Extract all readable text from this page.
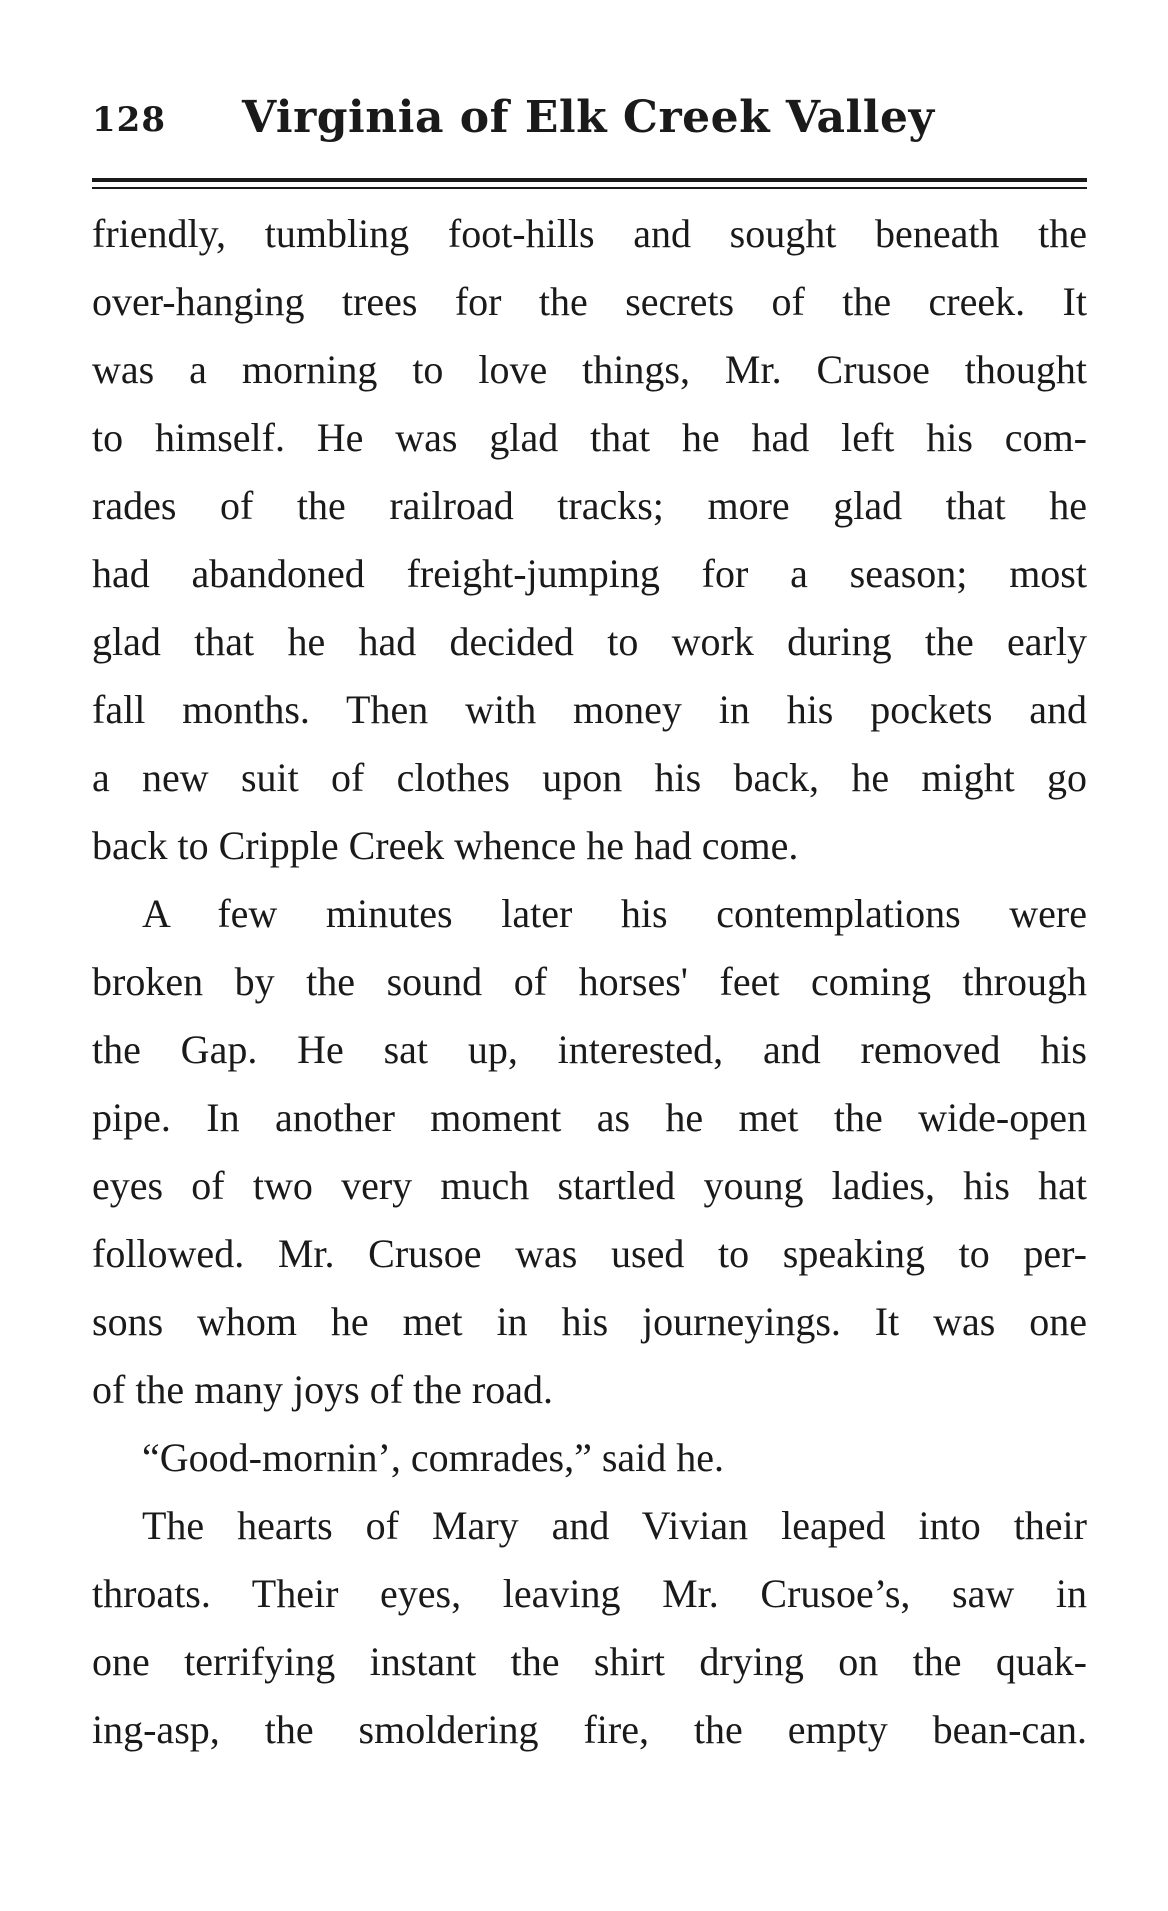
128 Virginia of Elk Creek Valley
friendly, tumbling foot-hills and sought beneath the
over-hanging trees for the secrets of the creek. It
was a morning to love things, Mr. Crusoe thought
to himself. He was glad that he had left his com-
rades of the railroad tracks; more glad that he
had abandoned freight-jumping for a season; most
glad that he had decided to work during the early
fall months. Then with money in his pockets and
a new suit of clothes upon his back, he might go
back to Cripple Creek whence he had come.
A few minutes later his contemplations were
broken by the sound of horses' feet coming through
the Gap. He sat up, interested, and removed his
pipe. In another moment as he met the wide-open
eyes of two very much startled young ladies, his hat
followed. Mr. Crusoe was used to speaking to per-
sons whom he met in his journeyings. It was one
of the many joys of the road.
“Good-mornin’, comrades,” said he.
The hearts of Mary and Vivian leaped into their
throats. Their eyes, leaving Mr. Crusoe’s, saw in
one terrifying instant the shirt drying on the quak-
ing-asp, the smoldering fire, the empty bean-can.
